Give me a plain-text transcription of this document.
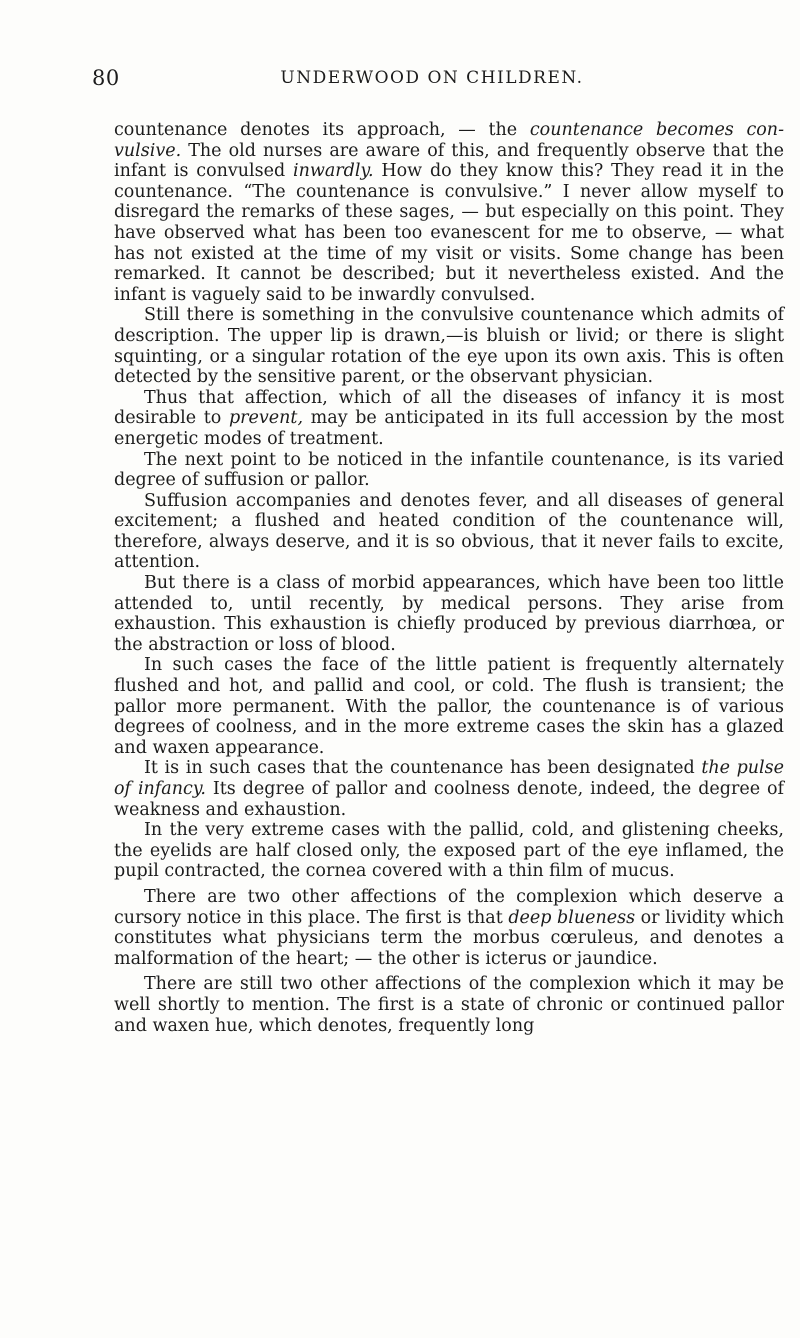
80	UNDERWOOD ON CHILDREN.

countenance denotes its approach, — the countenance becomes convulsive. The old nurses are aware of this, and frequently observe that the infant is convulsed inwardly. How do they know this? They read it in the countenance. “The countenance is convulsive.” I never allow myself to disregard the remarks of these sages, — but especially on this point. They have observed what has been too evanescent for me to observe, — what has not existed at the time of my visit or visits. Some change has been remarked. It cannot be described; but it nevertheless existed. And the infant is vaguely said to be inwardly convulsed.

Still there is something in the convulsive countenance which admits of description. The upper lip is drawn,—is bluish or livid; or there is slight squinting, or a singular rotation of the eye upon its own axis. This is often detected by the sensitive parent, or the observant physician.

Thus that affection, which of all the diseases of infancy it is most desirable to prevent, may be anticipated in its full accession by the most energetic modes of treatment.

The next point to be noticed in the infantile countenance, is its varied degree of suffusion or pallor.

Suffusion accompanies and denotes fever, and all diseases of general excitement; a flushed and heated condition of the countenance will, therefore, always deserve, and it is so obvious, that it never fails to excite, attention.

But there is a class of morbid appearances, which have been too little attended to, until recently, by medical persons. They arise from exhaustion. This exhaustion is chiefly produced by previous diarrhœa, or the abstraction or loss of blood.

In such cases the face of the little patient is frequently alternately flushed and hot, and pallid and cool, or cold. The flush is transient; the pallor more permanent. With the pallor, the countenance is of various degrees of coolness, and in the more extreme cases the skin has a glazed and waxen appearance.

It is in such cases that the countenance has been designated the pulse of infancy. Its degree of pallor and coolness denote, indeed, the degree of weakness and exhaustion.

In the very extreme cases with the pallid, cold, and glistening cheeks, the eyelids are half closed only, the exposed part of the eye inflamed, the pupil contracted, the cornea covered with a thin film of mucus.

There are two other affections of the complexion which deserve a cursory notice in this place. The first is that deep blueness or lividity which constitutes what physicians term the morbus cœruleus, and denotes a malformation of the heart; — the other is icterus or jaundice.

There are still two other affections of the complexion which it may be well shortly to mention. The first is a state of chronic or continued pallor and waxen hue, which denotes, frequently long
